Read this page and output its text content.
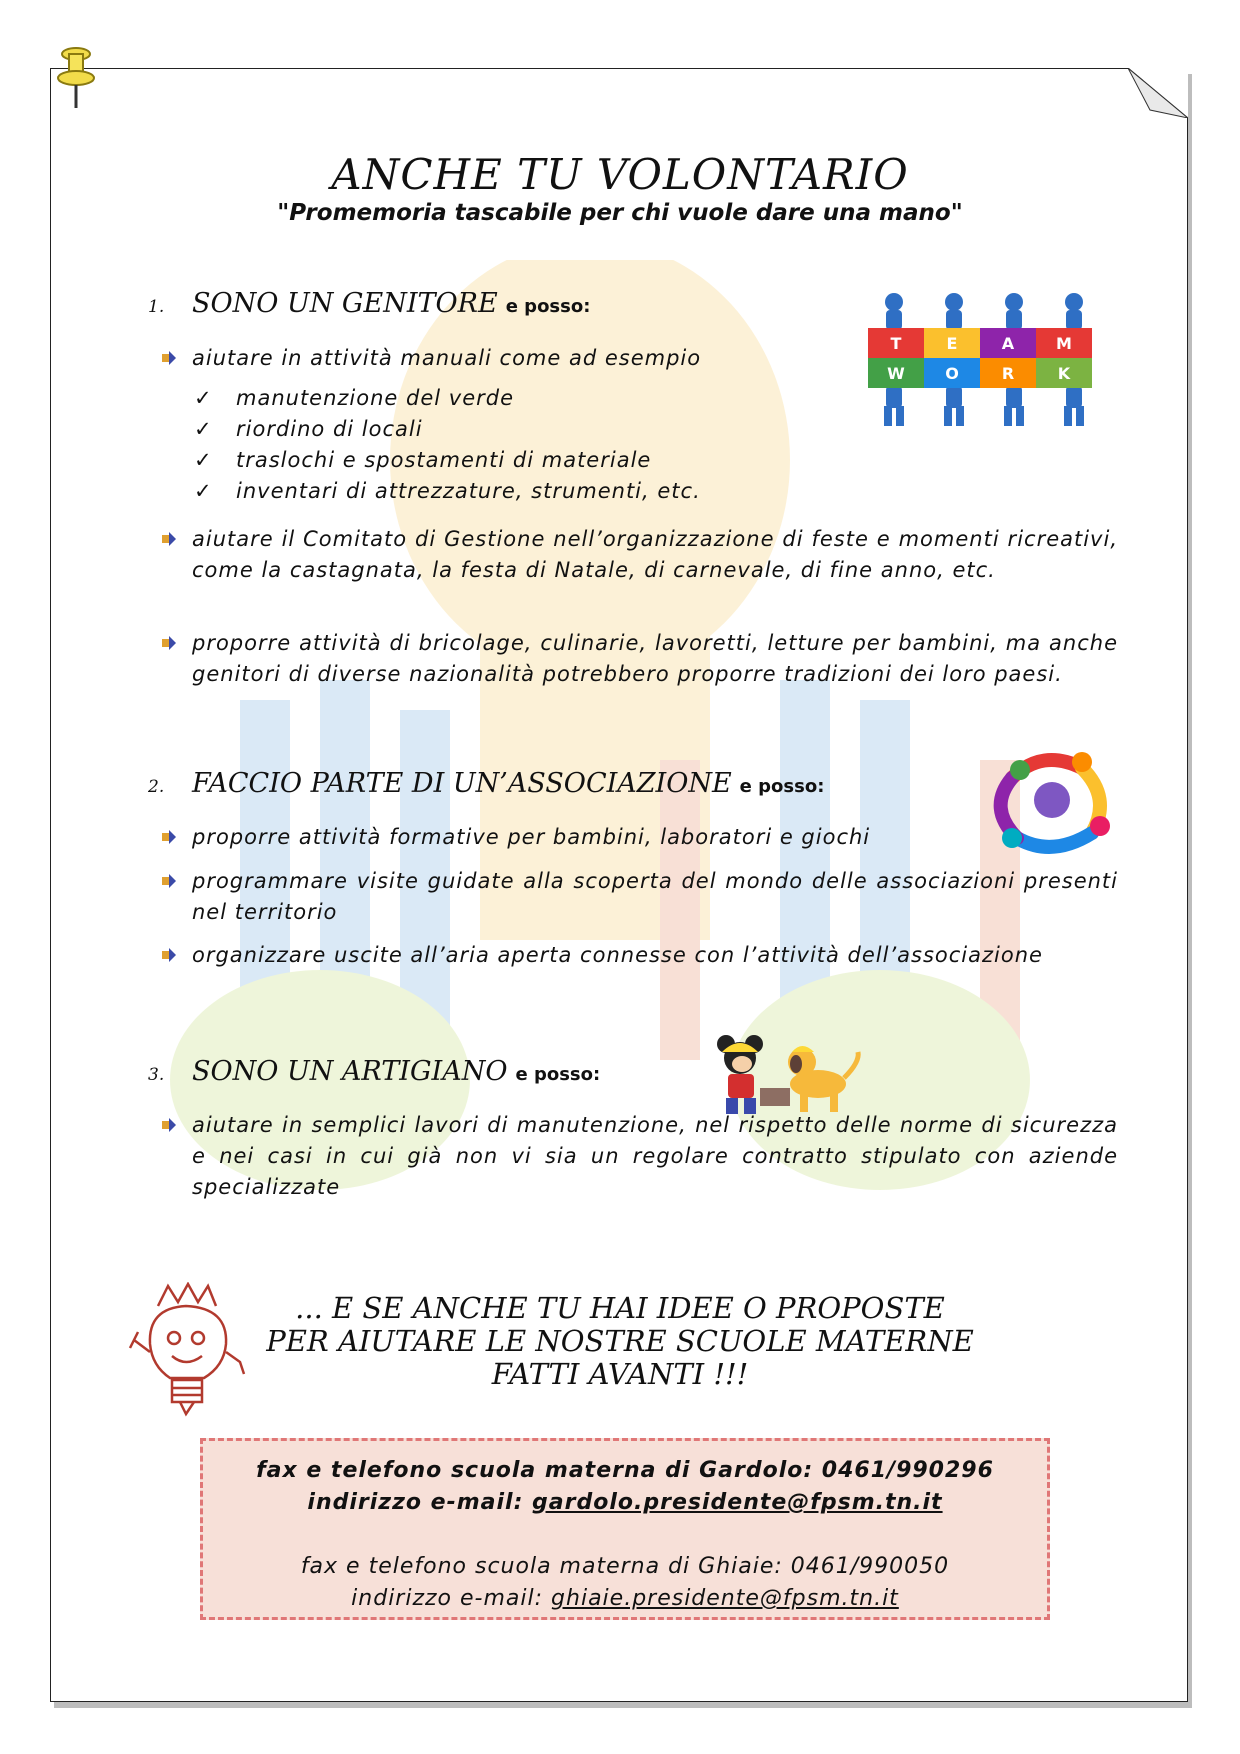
ANCHE TU VOLONTARIO
"Promemoria tascabile per chi vuole dare una mano"
1. SONO UN GENITORE e posso:
T	E	A	M
W	O	R	K
aiutare in attività manuali come ad esempio
✓ manutenzione del verde
✓ riordino di locali
✓ traslochi e spostamenti di materiale
✓ inventari di attrezzature, strumenti, etc.
aiutare il Comitato di Gestione nell’organizzazione di feste e momenti ricreativi, come la castagnata, la festa di Natale, di carnevale, di fine anno, etc.
proporre attività di bricolage, culinarie, lavoretti, letture per bambini, ma anche genitori di diverse nazionalità potrebbero proporre tradizioni dei loro paesi.
2. FACCIO PARTE DI UN’ASSOCIAZIONE e posso:
proporre attività formative per bambini, laboratori e giochi
programmare visite guidate alla scoperta del mondo delle associazioni presenti nel territorio
organizzare uscite all’aria aperta connesse con l’attività dell’associazione
3. SONO UN ARTIGIANO e posso:
aiutare in semplici lavori di manutenzione, nel rispetto delle norme di sicurezza e nei casi in cui già non vi sia un regolare contratto stipulato con aziende specializzate
... E SE ANCHE TU HAI IDEE O PROPOSTE
PER AIUTARE LE NOSTRE SCUOLE MATERNE
FATTI AVANTI !!!
fax e telefono scuola materna di Gardolo: 0461/990296
indirizzo e-mail: gardolo.presidente@fpsm.tn.it
fax e telefono scuola materna di Ghiaie: 0461/990050
indirizzo e-mail: ghiaie.presidente@fpsm.tn.it
